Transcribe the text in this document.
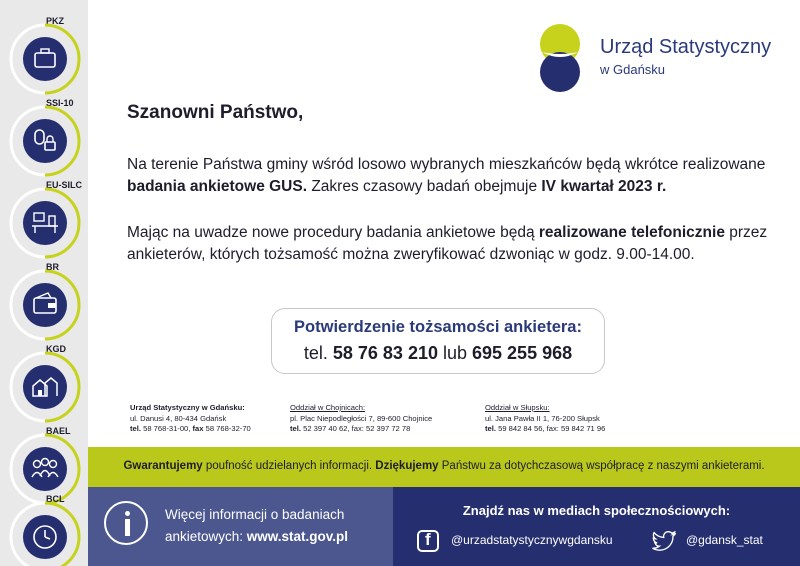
PKZ
SSI-10
EU-SILC
BR
KGD
BAEL
BCL
Urząd Statystyczny
w Gdańsku
Szanowni Państwo,
Na terenie Państwa gminy wśród losowo wybranych mieszkańców będą wkrótce realizowane badania ankietowe GUS. Zakres czasowy badań obejmuje IV kwartał 2023 r.
Mając na uwadze nowe procedury badania ankietowe będą realizowane telefonicznie przez ankieterów, których tożsamość można zweryfikować dzwoniąc w godz. 9.00-14.00.
Potwierdzenie tożsamości ankietera:
tel. 58 76 83 210 lub 695 255 968
Urząd Statystyczny w Gdańsku:
ul. Danusi 4, 80-434 Gdańsk
tel. 58 768-31-00, fax 58 768-32-70
Oddział w Chojnicach:
pl. Plac Niepodległości 7, 89-600 Chojnice
tel. 52 397 40 62, fax: 52 397 72 78
Oddział w Słupsku:
ul. Jana Pawła II 1, 76-200 Słupsk
tel. 59 842 84 56, fax: 59 842 71 96
Gwarantujemy poufność udzielanych informacji. Dziękujemy Państwu za dotychczasową współpracę z naszymi ankieterami.
Więcej informacji o badaniach
ankietowych: www.stat.gov.pl
Znajdź nas w mediach społecznościowych:
f @urzadstatystycznywgdansku	@gdansk_stat
